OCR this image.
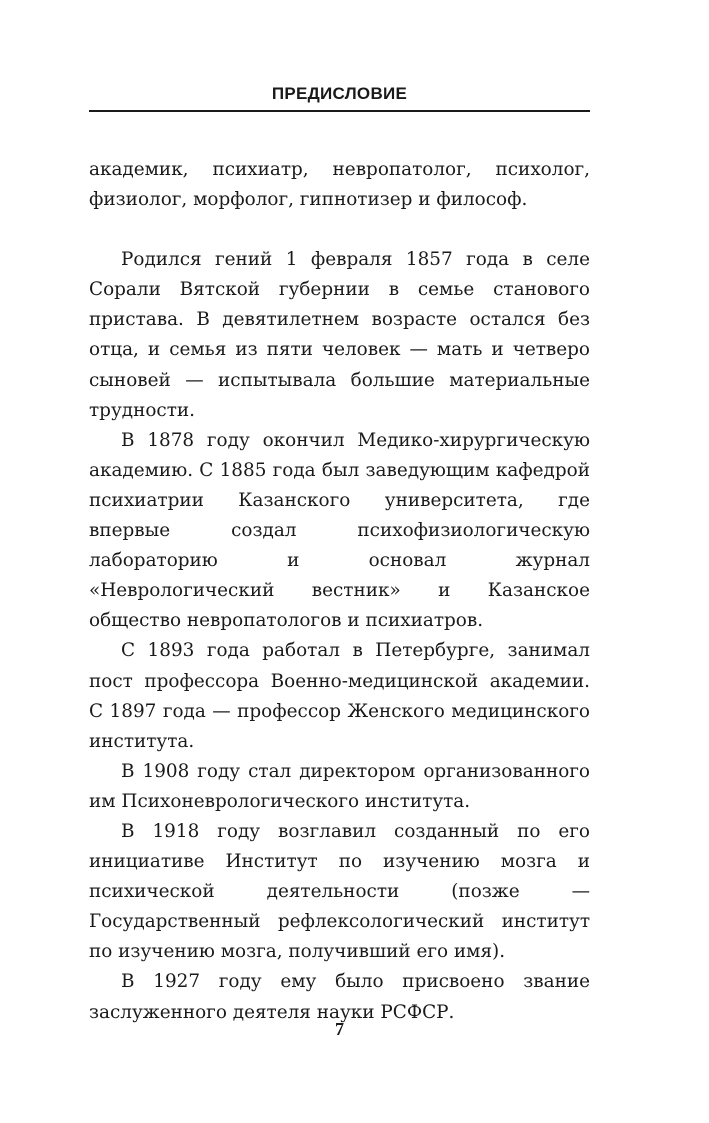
ПРЕДИСЛОВИЕ

академик, психиатр, невропатолог, психолог, физиолог, морфолог, гипнотизер и философ.

Родился гений 1 февраля 1857 года в селе Сорали Вятской губернии в семье станового пристава. В девятилетнем возрасте остался без отца, и семья из пяти человек — мать и четверо сыновей — испытывала большие материальные трудности.

В 1878 году окончил Медико-хирургическую академию. С 1885 года был заведующим кафедрой психиатрии Казанского университета, где впервые создал психофизиологическую лабораторию и основал журнал «Неврологический вестник» и Казанское общество невропатологов и психиатров.

С 1893 года работал в Петербурге, занимал пост профессора Военно-медицинской академии. С 1897 года — профессор Женского медицинского института.

В 1908 году стал директором организованного им Психоневрологического института.

В 1918 году возглавил созданный по его инициативе Институт по изучению мозга и психической деятельности (позже — Государственный рефлексологический институт по изучению мозга, получивший его имя).

В 1927 году ему было присвоено звание заслуженного деятеля науки РСФСР.

7
